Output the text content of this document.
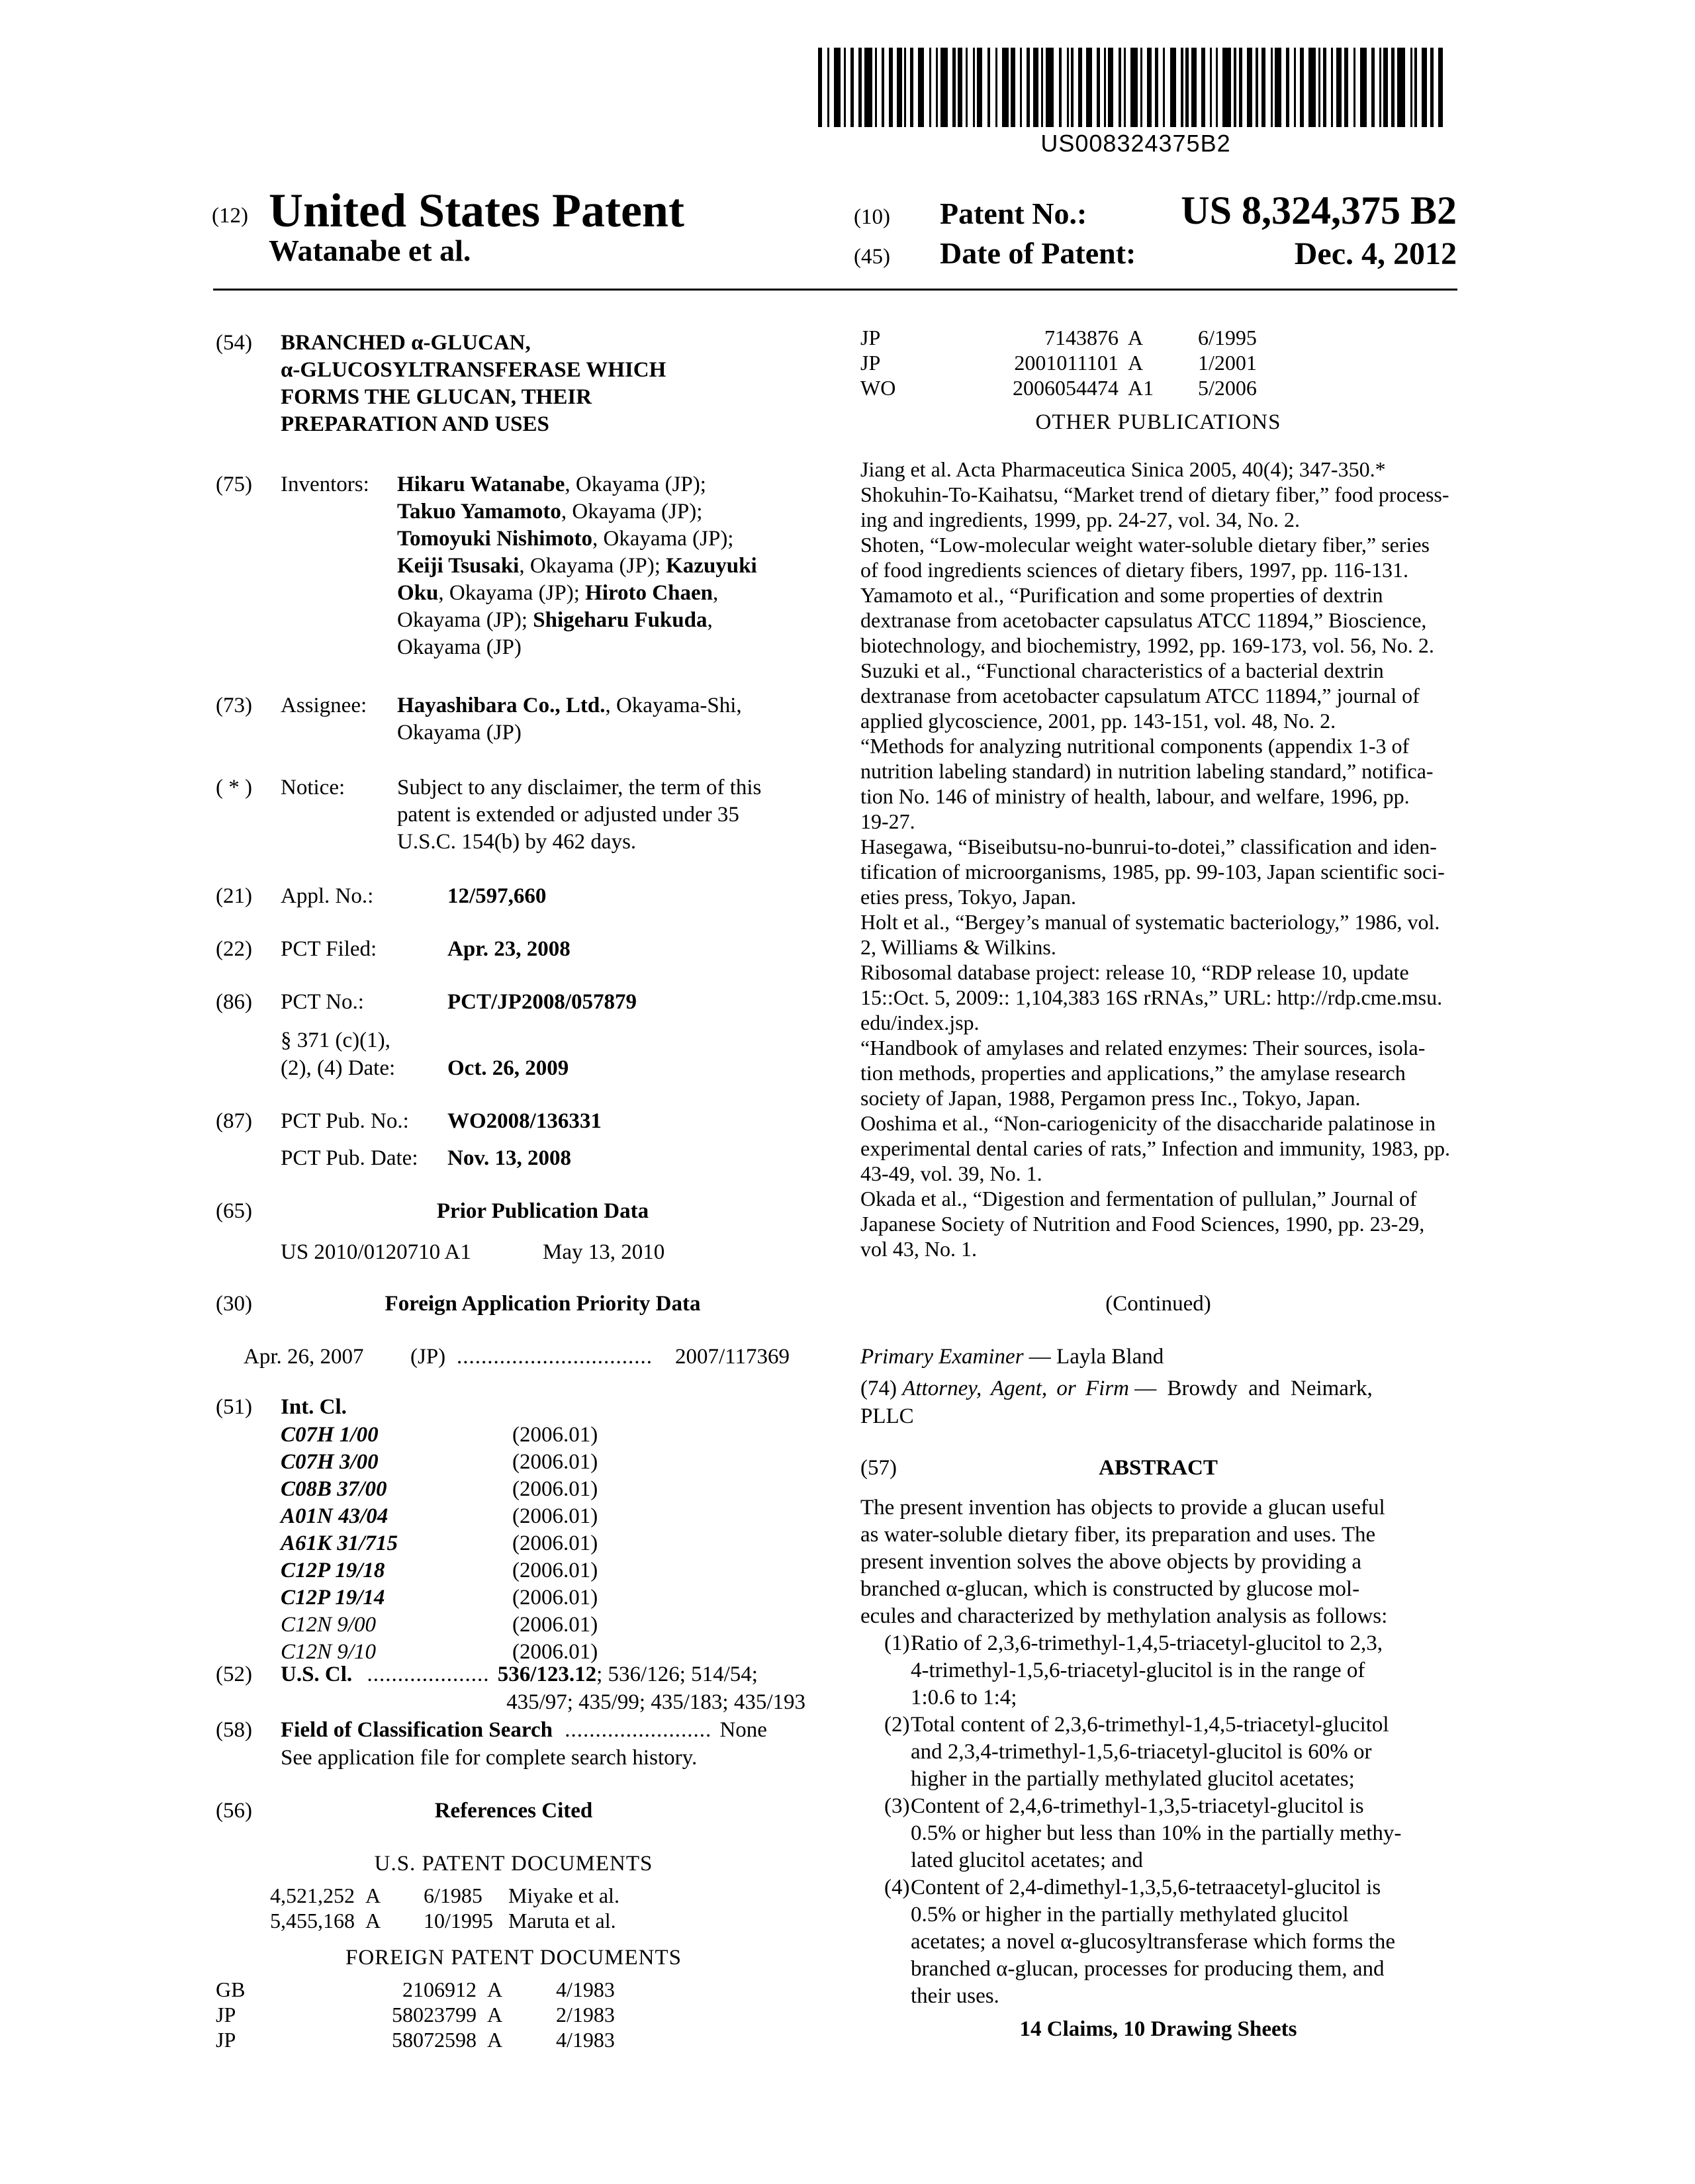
US008324375B2
(12) United States Patent
Watanabe et al.
(10) Patent No.: US 8,324,375 B2
(45) Date of Patent:	Dec. 4, 2012
(54) BRANCHED α-GLUCAN,
α-GLUCOSYLTRANSFERASE WHICH
FORMS THE GLUCAN, THEIR
PREPARATION AND USES
(75) Inventors: Hikaru Watanabe, Okayama (JP);
Takuo Yamamoto, Okayama (JP);
Tomoyuki Nishimoto, Okayama (JP);
Keiji Tsusaki, Okayama (JP); Kazuyuki
Oku, Okayama (JP); Hiroto Chaen,
Okayama (JP); Shigeharu Fukuda,
Okayama (JP)
(73) Assignee: Hayashibara Co., Ltd., Okayama-Shi,
Okayama (JP)
( * ) Notice: Subject to any disclaimer, the term of this
patent is extended or adjusted under 35
U.S.C. 154(b) by 462 days.
(21) Appl. No.:	12/597,660
(22) PCT Filed:	Apr. 23, 2008
(86) PCT No.:	PCT/JP2008/057879
§ 371 (c)(1),
(2), (4) Date: Oct. 26, 2009
(87) PCT Pub. No.: WO2008/136331
PCT Pub. Date: Nov. 13, 2008
(65)	Prior Publication Data
US 2010/0120710 A1	May 13, 2010
(30)	Foreign Application Priority Data
Apr. 26, 2007 (JP) ................................ 2007/117369
(51) Int. Cl.
C07H 1/00	(2006.01)
C07H 3/00	(2006.01)
C08B 37/00	(2006.01)
A01N 43/04	(2006.01)
A61K 31/715	(2006.01)
C12P 19/18	(2006.01)
C12P 19/14	(2006.01)
C12N 9/00	(2006.01)
C12N 9/10	(2006.01)
(52) U.S. Cl. .................... 536/123.12; 536/126; 514/54;
435/97; 435/99; 435/183; 435/193
(58) Field of Classification Search ........................ None
See application file for complete search history.
(56)	References Cited
U.S. PATENT DOCUMENTS
4,521,252 A 6/1985 Miyake et al.
5,455,168 A 10/1995 Maruta et al.
FOREIGN PATENT DOCUMENTS
GB	2106912 A	4/1983
JP	58023799 A	2/1983
JP	58072598 A	4/1983
JP	7143876 A	6/1995
JP	2001011101 A	1/2001
WO	2006054474 A1 5/2006
OTHER PUBLICATIONS
Jiang et al. Acta Pharmaceutica Sinica 2005, 40(4); 347-350.*
Shokuhin-To-Kaihatsu, “Market trend of dietary fiber,” food process-
ing and ingredients, 1999, pp. 24-27, vol. 34, No. 2.
Shoten, “Low-molecular weight water-soluble dietary fiber,” series
of food ingredients sciences of dietary fibers, 1997, pp. 116-131.
Yamamoto et al., “Purification and some properties of dextrin
dextranase from acetobacter capsulatus ATCC 11894,” Bioscience,
biotechnology, and biochemistry, 1992, pp. 169-173, vol. 56, No. 2.
Suzuki et al., “Functional characteristics of a bacterial dextrin
dextranase from acetobacter capsulatum ATCC 11894,” journal of
applied glycoscience, 2001, pp. 143-151, vol. 48, No. 2.
“Methods for analyzing nutritional components (appendix 1-3 of
nutrition labeling standard) in nutrition labeling standard,” notifica-
tion No. 146 of ministry of health, labour, and welfare, 1996, pp.
19-27.
Hasegawa, “Biseibutsu-no-bunrui-to-dotei,” classification and iden-
tification of microorganisms, 1985, pp. 99-103, Japan scientific soci-
eties press, Tokyo, Japan.
Holt et al., “Bergey’s manual of systematic bacteriology,” 1986, vol.
2, Williams & Wilkins.
Ribosomal database project: release 10, “RDP release 10, update
15::Oct. 5, 2009:: 1,104,383 16S rRNAs,” URL: http://rdp.cme.msu.
edu/index.jsp.
“Handbook of amylases and related enzymes: Their sources, isola-
tion methods, properties and applications,” the amylase research
society of Japan, 1988, Pergamon press Inc., Tokyo, Japan.
Ooshima et al., “Non-cariogenicity of the disaccharide palatinose in
experimental dental caries of rats,” Infection and immunity, 1983, pp.
43-49, vol. 39, No. 1.
Okada et al., “Digestion and fermentation of pullulan,” Journal of
Japanese Society of Nutrition and Food Sciences, 1990, pp. 23-29,
vol 43, No. 1.
(Continued)
Primary Examiner — Layla Bland
(74) Attorney, Agent, or Firm — Browdy and Neimark,
PLLC
(57)	ABSTRACT
The present invention has objects to provide a glucan useful
as water-soluble dietary fiber, its preparation and uses. The
present invention solves the above objects by providing a
branched α-glucan, which is constructed by glucose mol-
ecules and characterized by methylation analysis as follows:
(1) Ratio of 2,3,6-trimethyl-1,4,5-triacetyl-glucitol to 2,3,
4-trimethyl-1,5,6-triacetyl-glucitol is in the range of
1:0.6 to 1:4;
(2) Total content of 2,3,6-trimethyl-1,4,5-triacetyl-glucitol
and 2,3,4-trimethyl-1,5,6-triacetyl-glucitol is 60% or
higher in the partially methylated glucitol acetates;
(3) Content of 2,4,6-trimethyl-1,3,5-triacetyl-glucitol is
0.5% or higher but less than 10% in the partially methy-
lated glucitol acetates; and
(4) Content of 2,4-dimethyl-1,3,5,6-tetraacetyl-glucitol is
0.5% or higher in the partially methylated glucitol
acetates; a novel α-glucosyltransferase which forms the
branched α-glucan, processes for producing them, and
their uses.
14 Claims, 10 Drawing Sheets
